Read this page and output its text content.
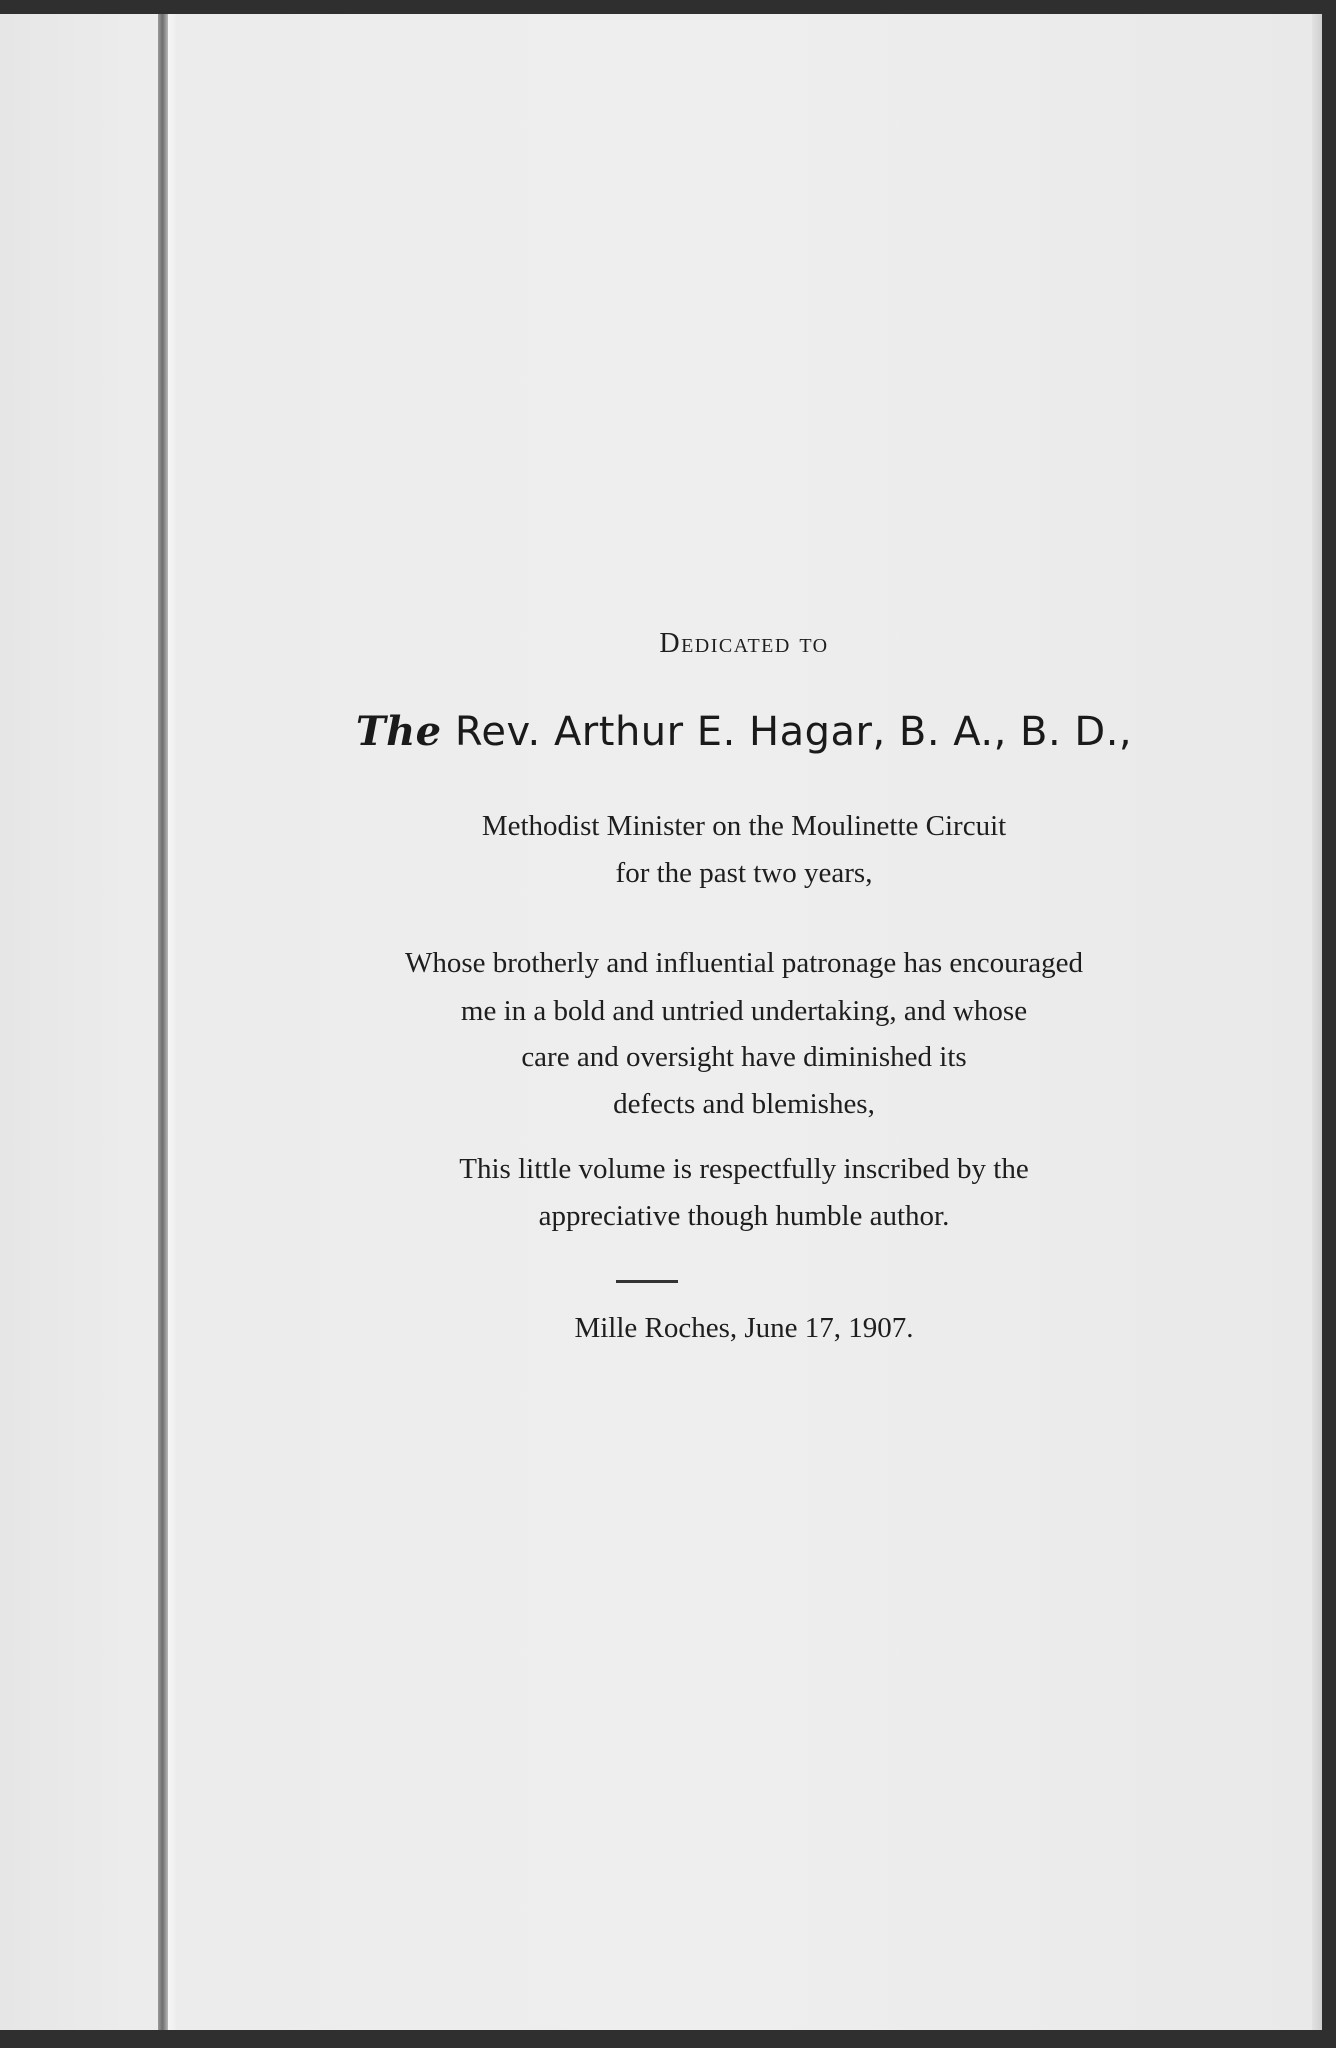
Dedicated to
The Rev. Arthur E. Hagar, B. A., B. D.,
Methodist Minister on the Moulinette Circuit
for the past two years,
Whose brotherly and influential patronage has encouraged
me in a bold and untried undertaking, and whose
care and oversight have diminished its
defects and blemishes,
This little volume is respectfully inscribed by the
appreciative though humble author.
Mille Roches, June 17, 1907.
